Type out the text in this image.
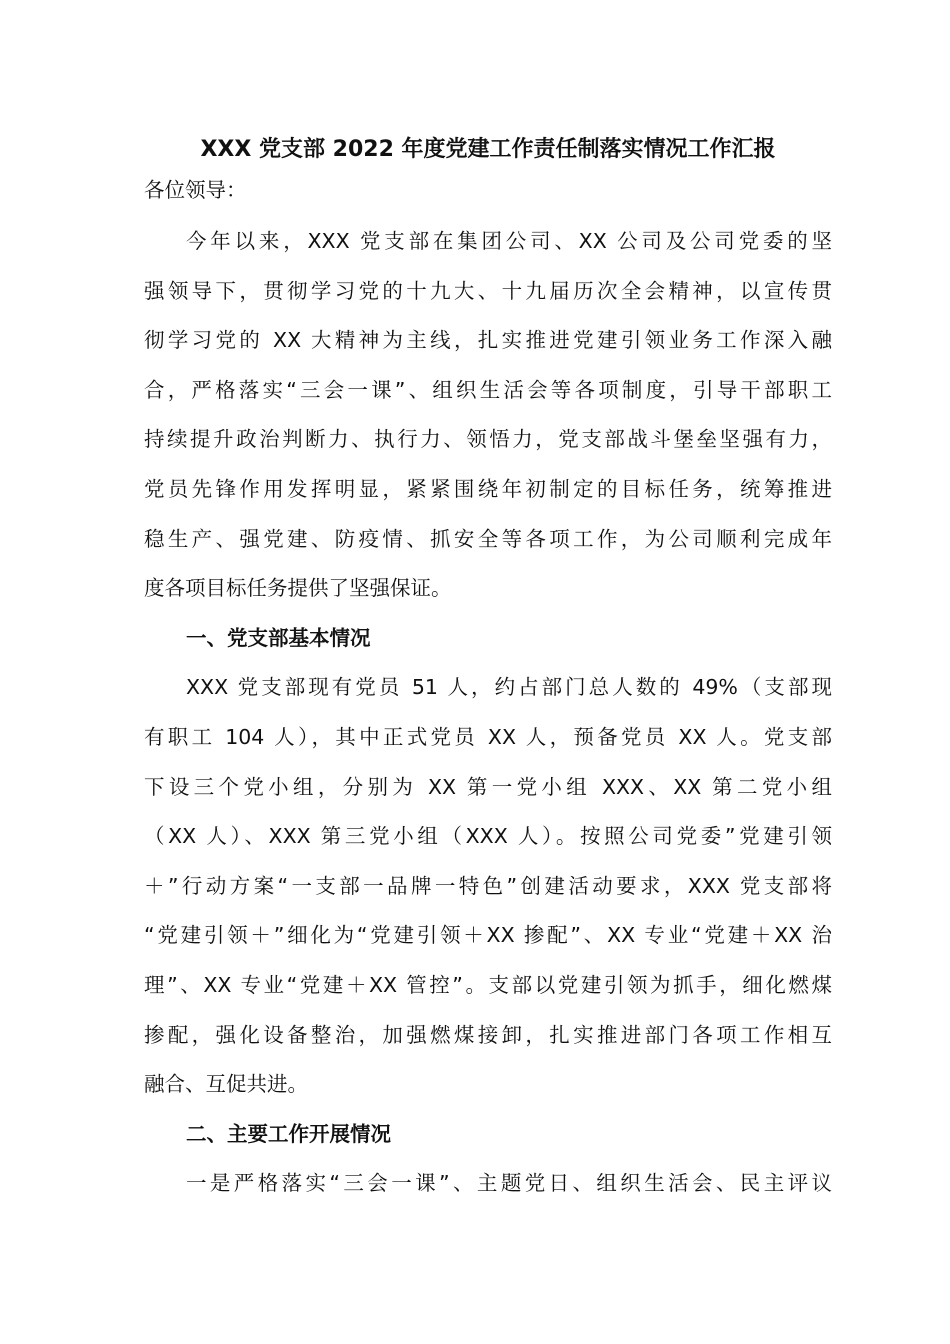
XXX 党支部 2022 年度党建工作责任制落实情况工作汇报

各位领导：

今年以来，XXX 党支部在集团公司、XX 公司及公司党委的坚

强领导下，贯彻学习党的十九大、十九届历次全会精神，以宣传贯

彻学习党的 XX 大精神为主线，扎实推进党建引领业务工作深入融

合，严格落实“三会一课”、组织生活会等各项制度，引导干部职工

持续提升政治判断力、执行力、领悟力，党支部战斗堡垒坚强有力，

党员先锋作用发挥明显，紧紧围绕年初制定的目标任务，统筹推进

稳生产、强党建、防疫情、抓安全等各项工作，为公司顺利完成年

度各项目标任务提供了坚强保证。

一、党支部基本情况

XXX 党支部现有党员 51 人，约占部门总人数的 49%（支部现

有职工 104 人），其中正式党员 XX 人，预备党员 XX 人。党支部

下设三个党小组，分别为 XX 第一党小组 XXX、XX 第二党小组

（XX 人）、XXX 第三党小组（XXX 人）。按照公司党委”党建引领

＋”行动方案“一支部一品牌一特色”创建活动要求，XXX 党支部将

“党建引领＋”细化为“党建引领＋XX 掺配”、XX 专业“党建＋XX 治

理”、XX 专业“党建＋XX 管控”。支部以党建引领为抓手，细化燃煤

掺配，强化设备整治，加强燃煤接卸，扎实推进部门各项工作相互

融合、互促共进。

二、主要工作开展情况

一是严格落实“三会一课”、主题党日、组织生活会、民主评议
